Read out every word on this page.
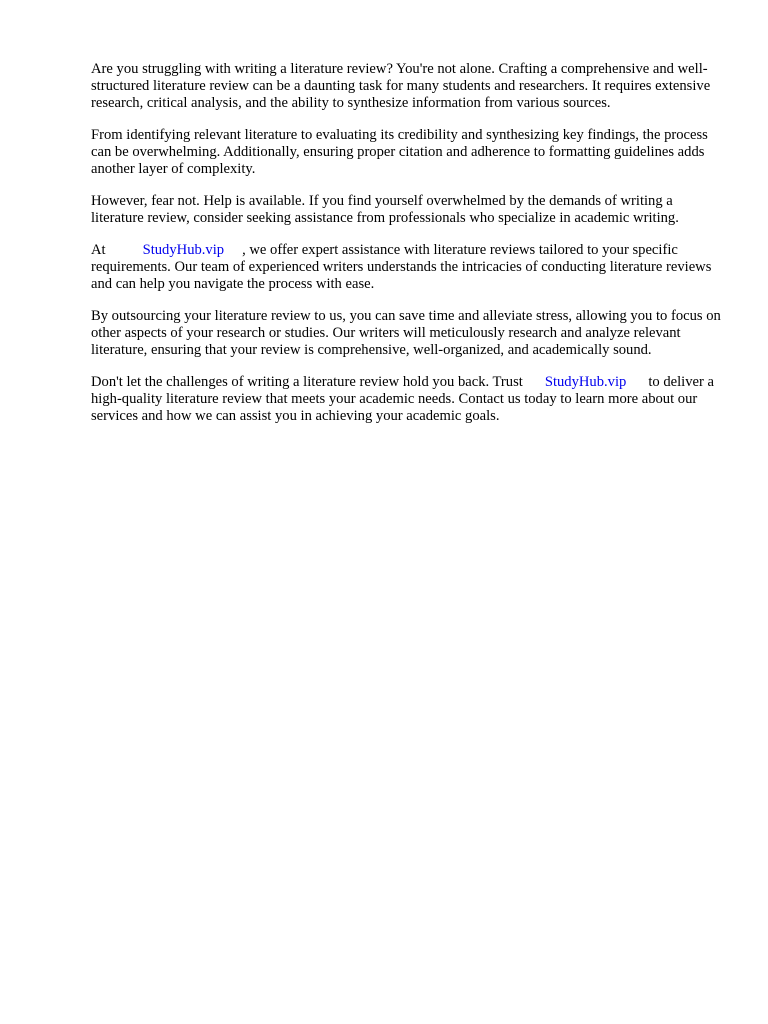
Are you struggling with writing a literature review? You're not alone. Crafting a comprehensive and well-structured literature review can be a daunting task for many students and researchers. It requires extensive research, critical analysis, and the ability to synthesize information from various sources.

From identifying relevant literature to evaluating its credibility and synthesizing key findings, the process can be overwhelming. Additionally, ensuring proper citation and adherence to formatting guidelines adds another layer of complexity.

However, fear not. Help is available. If you find yourself overwhelmed by the demands of writing a literature review, consider seeking assistance from professionals who specialize in academic writing.

At	StudyHub.vip , we offer expert assistance with literature reviews tailored to your specific requirements. Our team of experienced writers understands the intricacies of conducting literature reviews and can help you navigate the process with ease.

By outsourcing your literature review to us, you can save time and alleviate stress, allowing you to focus on other aspects of your research or studies. Our writers will meticulously research and analyze relevant literature, ensuring that your review is comprehensive, well-organized, and academically sound.

Don't let the challenges of writing a literature review hold you back. Trust StudyHub.vip to deliver a high-quality literature review that meets your academic needs. Contact us today to learn more about our services and how we can assist you in achieving your academic goals.
